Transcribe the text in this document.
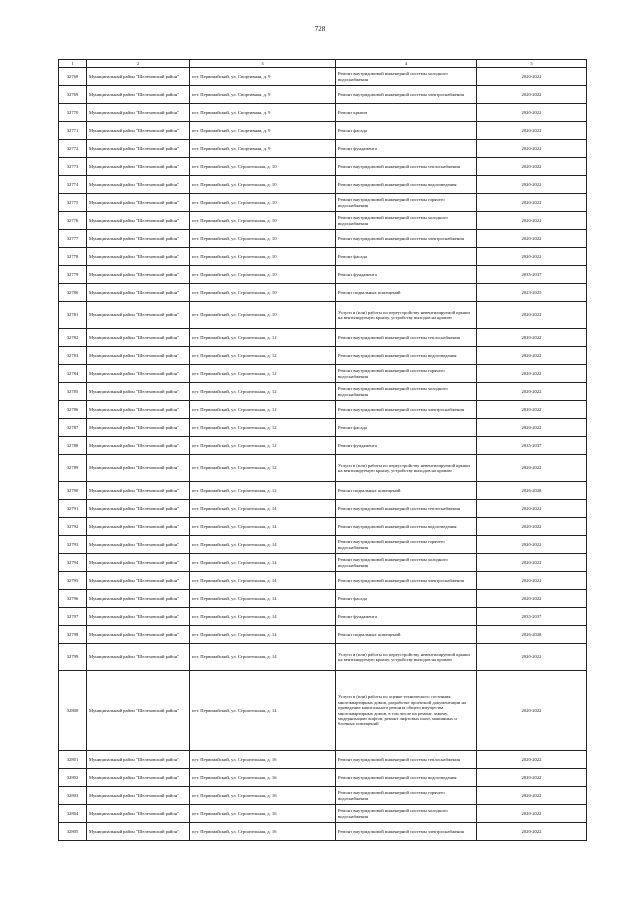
728
1	2	3	4	5
32768	Муниципальный район "Шелеховский район"	пгт. Первомайский, ул. Спортивная, д. 9	Ремонт внутридомовой инженерной системы холодного водоснабжения	2020-2022
32769	Муниципальный район "Шелеховский район"	пгт. Первомайский, ул. Спортивная, д. 9	Ремонт внутридомовой инженерной системы электроснабжения	2020-2022
32770	Муниципальный район "Шелеховский район"	пгт. Первомайский, ул. Спортивная, д. 9	Ремонт крыши	2020-2022
32771	Муниципальный район "Шелеховский район"	пгт. Первомайский, ул. Спортивная, д. 9	Ремонт фасада	2020-2022
32772	Муниципальный район "Шелеховский район"	пгт. Первомайский, ул. Спортивная, д. 9	Ремонт фундамента	2020-2022
32773	Муниципальный район "Шелеховский район"	пгт. Первомайский, ул. Строительная, д. 10	Ремонт внутридомовой инженерной системы теплоснабжения	2020-2022
32774	Муниципальный район "Шелеховский район"	пгт. Первомайский, ул. Строительная, д. 10	Ремонт внутридомовой инженерной системы водоотведения	2020-2022
32775	Муниципальный район "Шелеховский район"	пгт. Первомайский, ул. Строительная, д. 10	Ремонт внутридомовой инженерной системы горячего водоснабжения	2020-2022
32776	Муниципальный район "Шелеховский район"	пгт. Первомайский, ул. Строительная, д. 10	Ремонт внутридомовой инженерной системы холодного водоснабжения	2020-2022
32777	Муниципальный район "Шелеховский район"	пгт. Первомайский, ул. Строительная, д. 10	Ремонт внутридомовой инженерной системы электроснабжения	2020-2022
32778	Муниципальный район "Шелеховский район"	пгт. Первомайский, ул. Строительная, д. 10	Ремонт фасада	2020-2022
32779	Муниципальный район "Шелеховский район"	пгт. Первомайский, ул. Строительная, д. 10	Ремонт фундамента	2035-2037
32780	Муниципальный район "Шелеховский район"	пгт. Первомайский, ул. Строительная, д. 10	Ремонт подвальных помещений	2023-2025
32781	Муниципальный район "Шелеховский район"	пгт. Первомайский, ул. Строительная, д. 10	Услуги и (или) работы по переустройству невентилируемой крыши на вентилируемую крышу, устройству выходов на кровлю	2020-2022
32782	Муниципальный район "Шелеховский район"	пгт. Первомайский, ул. Строительная, д. 12	Ремонт внутридомовой инженерной системы теплоснабжения	2020-2022
32783	Муниципальный район "Шелеховский район"	пгт. Первомайский, ул. Строительная, д. 12	Ремонт внутридомовой инженерной системы водоотведения	2020-2022
32784	Муниципальный район "Шелеховский район"	пгт. Первомайский, ул. Строительная, д. 12	Ремонт внутридомовой инженерной системы горячего водоснабжения	2020-2022
32785	Муниципальный район "Шелеховский район"	пгт. Первомайский, ул. Строительная, д. 12	Ремонт внутридомовой инженерной системы холодного водоснабжения	2020-2022
32786	Муниципальный район "Шелеховский район"	пгт. Первомайский, ул. Строительная, д. 12	Ремонт внутридомовой инженерной системы электроснабжения	2020-2022
32787	Муниципальный район "Шелеховский район"	пгт. Первомайский, ул. Строительная, д. 12	Ремонт фасада	2020-2022
32788	Муниципальный район "Шелеховский район"	пгт. Первомайский, ул. Строительная, д. 12	Ремонт фундамента	2035-2037
32789	Муниципальный район "Шелеховский район"	пгт. Первомайский, ул. Строительная, д. 12	Услуги и (или) работы по переустройству невентилируемой крыши на вентилируемую крышу, устройству выходов на кровлю	2020-2022
32790	Муниципальный район "Шелеховский район"	пгт. Первомайский, ул. Строительная, д. 12	Ремонт подвальных помещений	2026-2028
32791	Муниципальный район "Шелеховский район"	пгт. Первомайский, ул. Строительная, д. 14	Ремонт внутридомовой инженерной системы теплоснабжения	2020-2022
32792	Муниципальный район "Шелеховский район"	пгт. Первомайский, ул. Строительная, д. 14	Ремонт внутридомовой инженерной системы водоотведения	2020-2022
32793	Муниципальный район "Шелеховский район"	пгт. Первомайский, ул. Строительная, д. 14	Ремонт внутридомовой инженерной системы горячего водоснабжения	2020-2022
32794	Муниципальный район "Шелеховский район"	пгт. Первомайский, ул. Строительная, д. 14	Ремонт внутридомовой инженерной системы холодного водоснабжения	2020-2022
32795	Муниципальный район "Шелеховский район"	пгт. Первомайский, ул. Строительная, д. 14	Ремонт внутридомовой инженерной системы электроснабжения	2020-2022
32796	Муниципальный район "Шелеховский район"	пгт. Первомайский, ул. Строительная, д. 14	Ремонт фасада	2020-2022
32797	Муниципальный район "Шелеховский район"	пгт. Первомайский, ул. Строительная, д. 14	Ремонт фундамента	2035-2037
32798	Муниципальный район "Шелеховский район"	пгт. Первомайский, ул. Строительная, д. 14	Ремонт подвальных помещений	2026-2028
32799	Муниципальный район "Шелеховский район"	пгт. Первомайский, ул. Строительная, д. 14	Услуги и (или) работы по переустройству невентилируемой крыши на вентилируемую крышу, устройству выходов на кровлю	2020-2022
32800	Муниципальный район "Шелеховский район"	пгт. Первомайский, ул. Строительная, д. 14	Услуги и (или) работы по оценке технического состояния многоквартирных домов, разработке проектной документации на проведение капитального ремонта общего имущества многоквартирных домов, в том числе на ремонт, замену, модернизацию лифтов, ремонт лифтовых шахт, машинных и блочных помещений	2020-2022
32801	Муниципальный район "Шелеховский район"	пгт. Первомайский, ул. Строительная, д. 16	Ремонт внутридомовой инженерной системы теплоснабжения	2020-2022
32802	Муниципальный район "Шелеховский район"	пгт. Первомайский, ул. Строительная, д. 16	Ремонт внутридомовой инженерной системы водоотведения	2020-2022
32803	Муниципальный район "Шелеховский район"	пгт. Первомайский, ул. Строительная, д. 16	Ремонт внутридомовой инженерной системы горячего водоснабжения	2020-2022
32804	Муниципальный район "Шелеховский район"	пгт. Первомайский, ул. Строительная, д. 16	Ремонт внутридомовой инженерной системы холодного водоснабжения	2020-2022
32805	Муниципальный район "Шелеховский район"	пгт. Первомайский, ул. Строительная, д. 16	Ремонт внутридомовой инженерной системы электроснабжения	2020-2022
